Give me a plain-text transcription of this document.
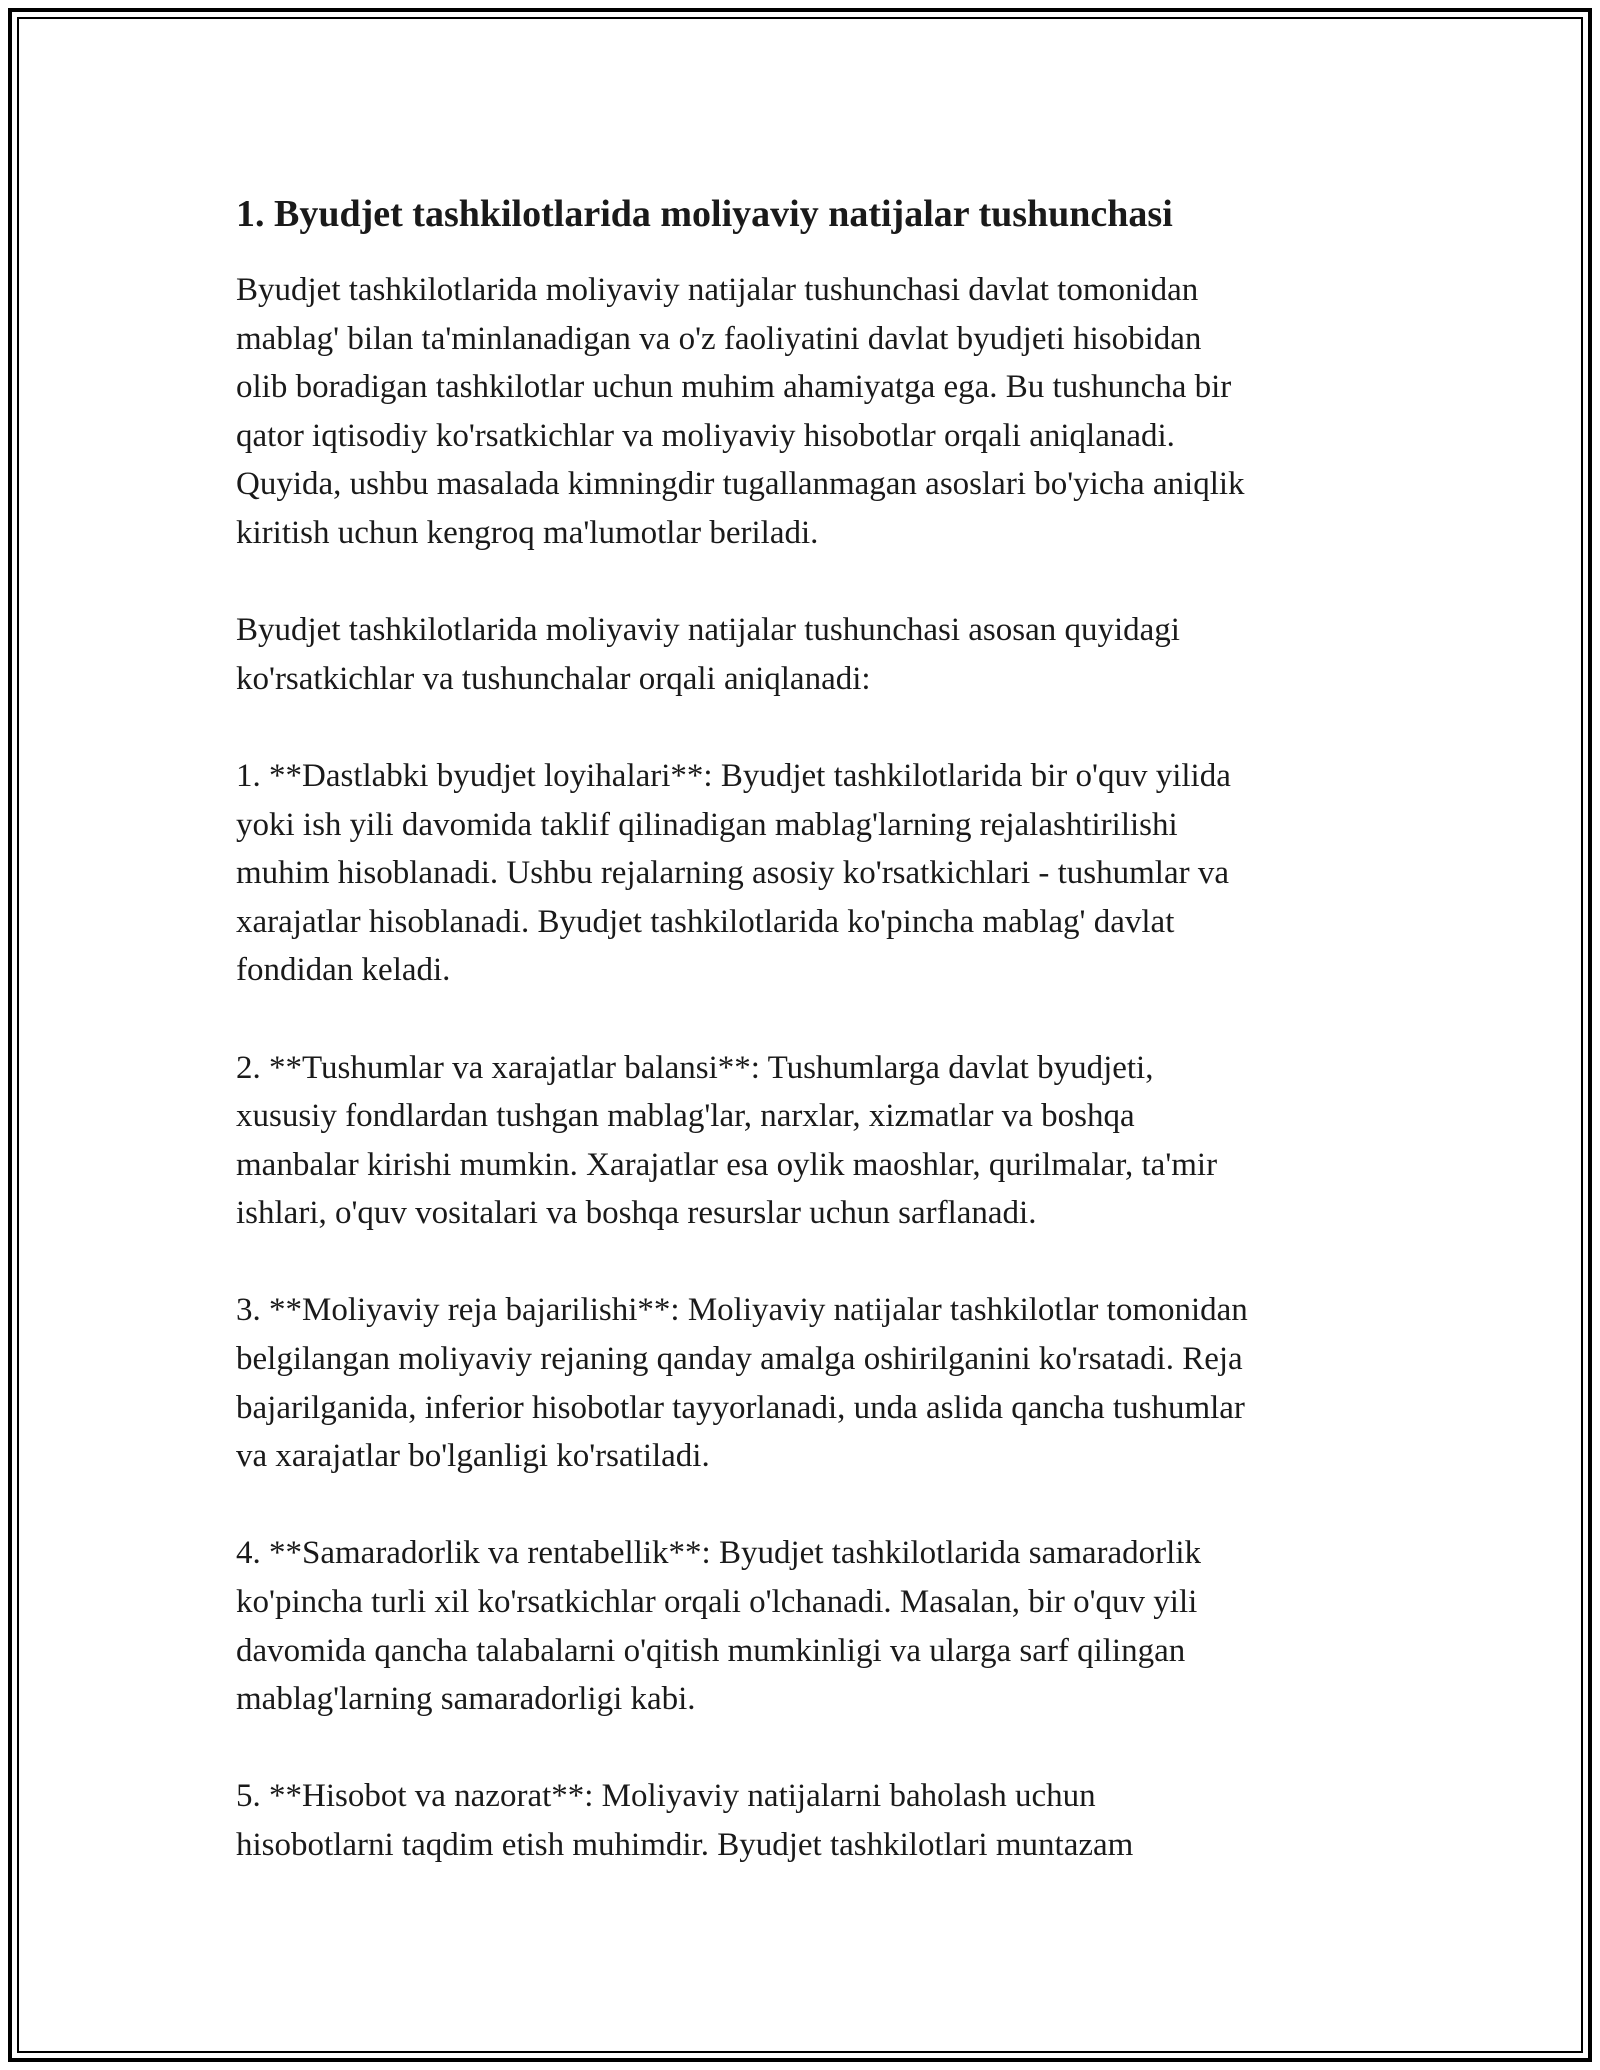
1. Byudjet tashkilotlarida moliyaviy natijalar tushunchasi
Byudjet tashkilotlarida moliyaviy natijalar tushunchasi davlat tomonidan
mablag' bilan ta'minlanadigan va o'z faoliyatini davlat byudjeti hisobidan
olib boradigan tashkilotlar uchun muhim ahamiyatga ega. Bu tushuncha bir
qator iqtisodiy ko'rsatkichlar va moliyaviy hisobotlar orqali aniqlanadi.
Quyida, ushbu masalada kimningdir tugallanmagan asoslari bo'yicha aniqlik
kiritish uchun kengroq ma'lumotlar beriladi.
Byudjet tashkilotlarida moliyaviy natijalar tushunchasi asosan quyidagi
ko'rsatkichlar va tushunchalar orqali aniqlanadi:
1. **Dastlabki byudjet loyihalari**: Byudjet tashkilotlarida bir o'quv yilida
yoki ish yili davomida taklif qilinadigan mablag'larning rejalashtirilishi
muhim hisoblanadi. Ushbu rejalarning asosiy ko'rsatkichlari - tushumlar va
xarajatlar hisoblanadi. Byudjet tashkilotlarida ko'pincha mablag' davlat
fondidan keladi.
2. **Tushumlar va xarajatlar balansi**: Tushumlarga davlat byudjeti,
xususiy fondlardan tushgan mablag'lar, narxlar, xizmatlar va boshqa
manbalar kirishi mumkin. Xarajatlar esa oylik maoshlar, qurilmalar, ta'mir
ishlari, o'quv vositalari va boshqa resurslar uchun sarflanadi.
3. **Moliyaviy reja bajarilishi**: Moliyaviy natijalar tashkilotlar tomonidan
belgilangan moliyaviy rejaning qanday amalga oshirilganini ko'rsatadi. Reja
bajarilganida, inferior hisobotlar tayyorlanadi, unda aslida qancha tushumlar
va xarajatlar bo'lganligi ko'rsatiladi.
4. **Samaradorlik va rentabellik**: Byudjet tashkilotlarida samaradorlik
ko'pincha turli xil ko'rsatkichlar orqali o'lchanadi. Masalan, bir o'quv yili
davomida qancha talabalarni o'qitish mumkinligi va ularga sarf qilingan
mablag'larning samaradorligi kabi.
5. **Hisobot va nazorat**: Moliyaviy natijalarni baholash uchun
hisobotlarni taqdim etish muhimdir. Byudjet tashkilotlari muntazam
